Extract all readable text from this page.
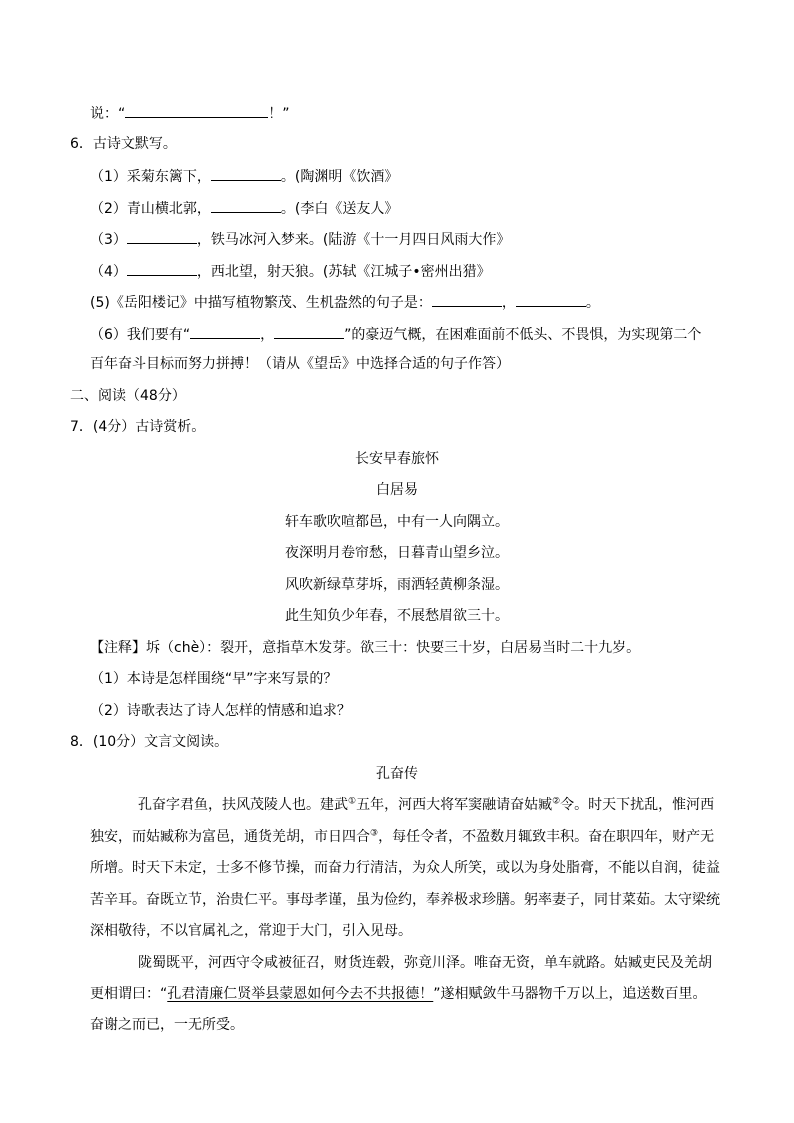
说：“	！”
6．古诗文默写。
（1）采菊东篱下，	。(陶渊明《饮酒》
（2）青山横北郭，	。(李白《送友人》
（3）	，铁马冰河入梦来。(陆游《十一月四日风雨大作》
（4）	，西北望，射天狼。(苏轼《江城子•密州出猎》
(5)《岳阳楼记》中描写植物繁茂、生机盎然的句子是：	，	。
（6）我们要有“	，	”的豪迈气概，在困难面前不低头、不畏惧，为实现第二个
百年奋斗目标而努力拼搏！（请从《望岳》中选择合适的句子作答）
二、阅读（48分）
7．(4分）古诗赏析。
长安早春旅怀
白居易
轩车歌吹喧都邑，中有一人向隅立。
夜深明月卷帘愁，日暮青山望乡泣。
风吹新绿草芽坼，雨洒轻黄柳条湿。
此生知负少年春，不展愁眉欲三十。
【注释】坼（chè）：裂开，意指草木发芽。欲三十：快要三十岁，白居易当时二十九岁。
（1）本诗是怎样围绕“早”字来写景的？
（2）诗歌表达了诗人怎样的情感和追求？
8．(10分）文言文阅读。
孔奋传
孔奋字君鱼，扶风茂陵人也。建武①五年，河西大将军窦融请奋姑臧②令。时天下扰乱，惟河西
独安，而姑臧称为富邑，通货羌胡，市日四合③，每任令者，不盈数月辄致丰积。奋在职四年，财产无
所增。时天下未定，士多不修节操，而奋力行清洁，为众人所笑，或以为身处脂膏，不能以自润，徒益
苦辛耳。奋既立节，治贵仁平。事母孝谨，虽为俭约，奉养极求珍膳。躬率妻子，同甘菜茹。太守梁统
深相敬待，不以官属礼之，常迎于大门，引入见母。
陇蜀既平，河西守令咸被征召，财货连毂，弥竟川泽。唯奋无资，单车就路。姑臧吏民及羌胡
更相谓曰：“孔君清廉仁贤举县蒙恩如何今去不共报德！”遂相赋敛牛马器物千万以上，追送数百里。
奋谢之而已，一无所受。
